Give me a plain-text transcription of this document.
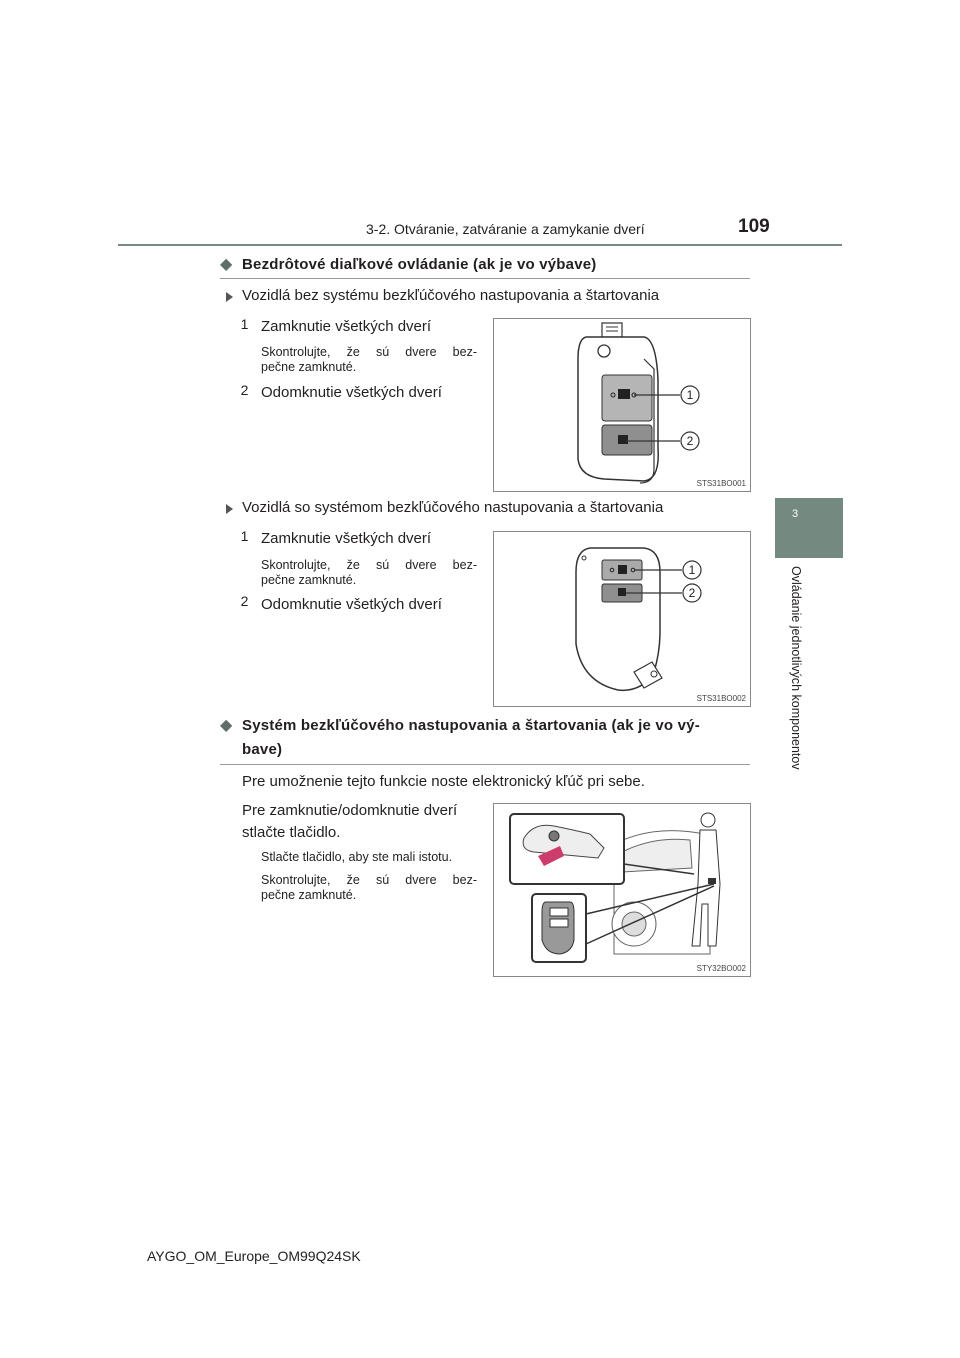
3-2. Otváranie, zatváranie a zamykanie dverí	109
3
Ovládanie jednotlivých komponentov
◆ Bezdrôtové diaľkové ovládanie (ak je vo výbave)
Vozidlá bez systému bezkľúčového nastupovania a štartovania
1 Zamknutie všetkých dverí
Skontrolujte, že sú dvere bez-
pečne zamknuté.
2 Odomknutie všetkých dverí	1
2
STS31BO001
Vozidlá so systémom bezkľúčového nastupovania a štartovania
1 Zamknutie všetkých dverí
Skontrolujte, že sú dvere bez-
pečne zamknuté.
2 Odomknutie všetkých dverí
1
2
STS31BO002
◆ Systém bezkľúčového nastupovania a štartovania (ak je vo vý-
bave)
Pre umožnenie tejto funkcie noste elektronický kľúč pri sebe.
Pre zamknutie/odomknutie dverí
stlačte tlačidlo.
Stlačte tlačidlo, aby ste mali istotu.
Skontrolujte, že sú dvere bez-
pečne zamknuté.
STY32BO002
AYGO_OM_Europe_OM99Q24SK
